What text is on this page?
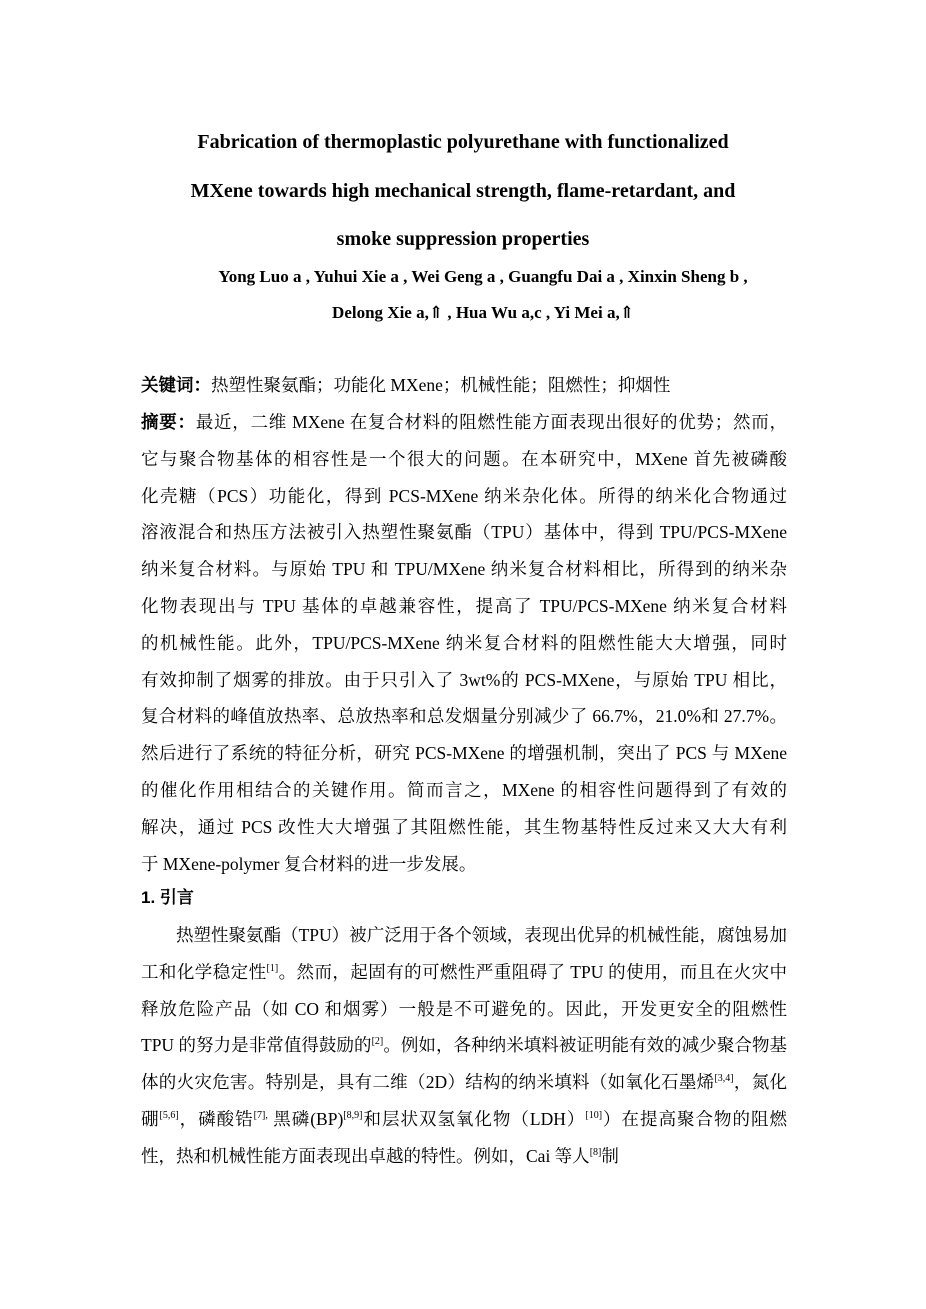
Fabrication of thermoplastic polyurethane with functionalized
MXene towards high mechanical strength, flame-retardant, and
smoke suppression properties
Yong Luo a , Yuhui Xie a , Wei Geng a , Guangfu Dai a , Xinxin Sheng b ,
Delong Xie a,⇑ , Hua Wu a,c , Yi Mei a,⇑
关键词：热塑性聚氨酯；功能化 MXene；机械性能；阻燃性；抑烟性
摘要：最近，二维 MXene 在复合材料的阻燃性能方面表现出很好的优势；然而，
它与聚合物基体的相容性是一个很大的问题。在本研究中，MXene 首先被磷酸
化壳糖（PCS）功能化，得到 PCS-MXene 纳米杂化体。所得的纳米化合物通过
溶液混合和热压方法被引入热塑性聚氨酯（TPU）基体中，得到 TPU/PCS-MXene
纳米复合材料。与原始 TPU 和 TPU/MXene 纳米复合材料相比，所得到的纳米杂
化物表现出与 TPU 基体的卓越兼容性，提高了 TPU/PCS-MXene 纳米复合材料
的机械性能。此外，TPU/PCS-MXene 纳米复合材料的阻燃性能大大增强，同时
有效抑制了烟雾的排放。由于只引入了 3wt%的 PCS-MXene，与原始 TPU 相比，
复合材料的峰值放热率、总放热率和总发烟量分别减少了 66.7%，21.0%和 27.7%。
然后进行了系统的特征分析，研究 PCS-MXene 的增强机制，突出了 PCS 与 MXene
的催化作用相结合的关键作用。简而言之，MXene 的相容性问题得到了有效的
解决，通过 PCS 改性大大增强了其阻燃性能，其生物基特性反过来又大大有利
于 MXene-polymer 复合材料的进一步发展。
1. 引言
热塑性聚氨酯（TPU）被广泛用于各个领域，表现出优异的机械性能，腐蚀易加工和化学稳定性[1]。然而，起固有的可燃性严重阻碍了 TPU 的使用，而且在火灾中释放危险产品（如 CO 和烟雾）一般是不可避免的。因此，开发更安全的阻燃性 TPU 的努力是非常值得鼓励的[2]。例如，各种纳米填料被证明能有效的减少聚合物基体的火灾危害。特别是，具有二维（2D）结构的纳米填料（如氧化石墨烯[3,4]，氮化硼[5,6]，磷酸锆$^{[7],}$ 黑磷(BP)[8,9]和层状双氢氧化物（LDH）[10]）在提高聚合物的阻燃性，热和机械性能方面表现出卓越的特性。例如，Cai 等人[8]制
